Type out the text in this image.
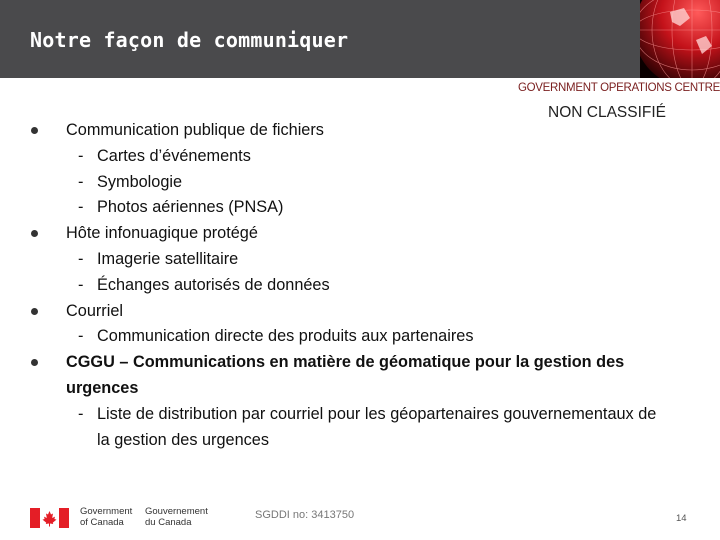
Notre façon de communiquer
GOVERNMENT OPERATIONS CENTRE
NON CLASSIFIÉ
Communication publique de fichiers
- Cartes d’événements
- Symbologie
- Photos aériennes (PNSA)
Hôte infonuagique protégé
- Imagerie satellitaire
- Échanges autorisés de données
Courriel
- Communication directe des produits aux partenaires
CGGU – Communications en matière de géomatique pour la gestion des urgences
- Liste de distribution par courriel pour les géopartenaires gouvernementaux de la gestion des urgences
Government
of Canada
Gouvernement
du Canada
SGDDI no: 3413750	14
